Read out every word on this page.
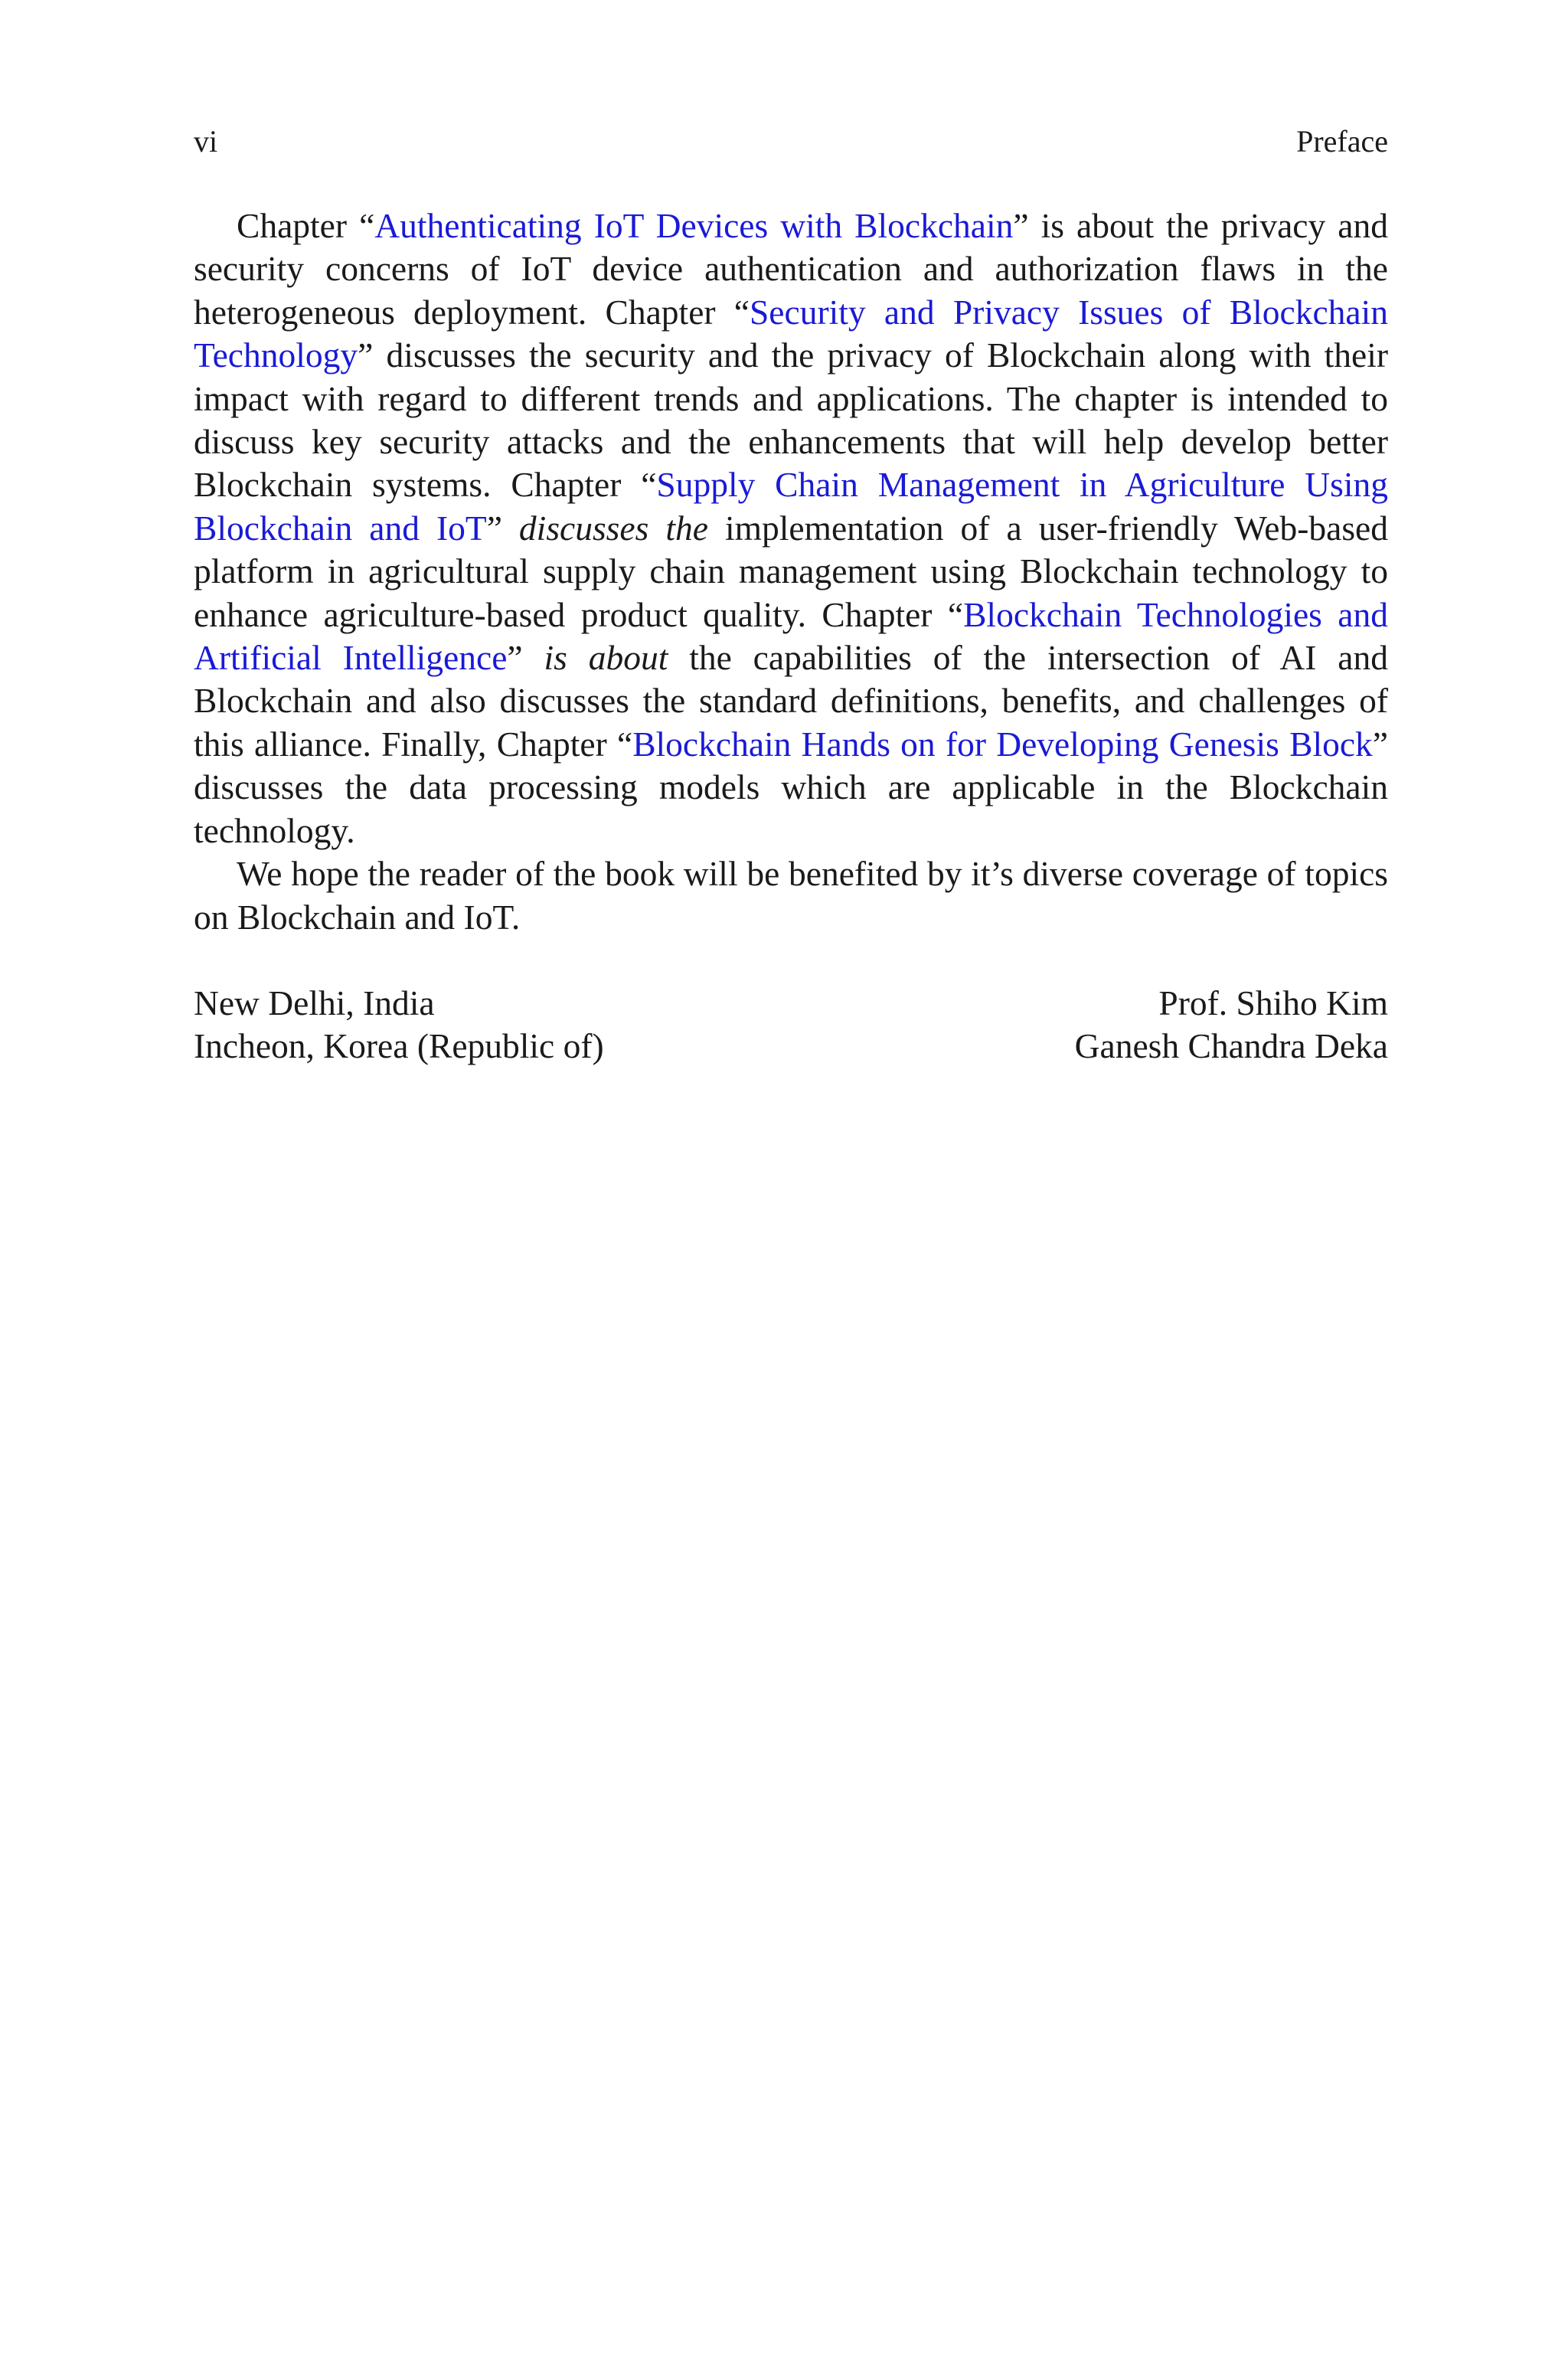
vi	Preface

Chapter “Authenticating IoT Devices with Blockchain” is about the privacy and security concerns of IoT device authentication and authorization flaws in the heterogeneous deployment. Chapter “Security and Privacy Issues of Blockchain Technology” discusses the security and the privacy of Blockchain along with their impact with regard to different trends and applications. The chapter is intended to discuss key security attacks and the enhancements that will help develop better Blockchain systems. Chapter “Supply Chain Management in Agriculture Using Blockchain and IoT” discusses the implementation of a user-friendly Web-based platform in agricultural supply chain management using Blockchain technology to enhance agriculture-based product quality. Chapter “Blockchain Technologies and Artificial Intelligence” is about the capabilities of the intersection of AI and Blockchain and also discusses the standard definitions, benefits, and challenges of this alliance. Finally, Chapter “Blockchain Hands on for Developing Genesis Block” discusses the data processing models which are applicable in the Blockchain technology.

We hope the reader of the book will be benefited by it’s diverse coverage of topics on Blockchain and IoT.

New Delhi, India	Prof. Shiho Kim
Incheon, Korea (Republic of)	Ganesh Chandra Deka
